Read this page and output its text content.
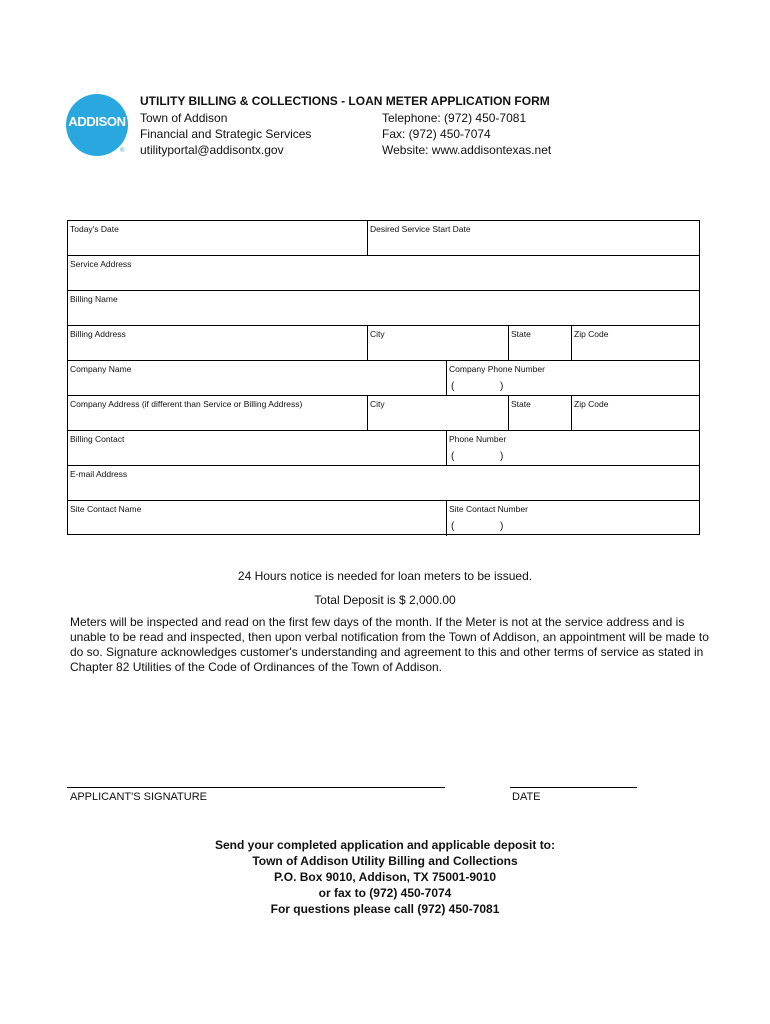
ADDISON
®
UTILITY BILLING & COLLECTIONS - LOAN METER APPLICATION FORM
Town of Addison
Financial and Strategic Services
utilityportal@addisontx.gov
Telephone: (972) 450-7081
Fax: (972) 450-7074
Website: www.addisontexas.net
Today's Date	Desired Service Start Date
Service Address
Billing Name
Billing Address	City	State	Zip Code
Company Name	Company Phone Number
(	)
Company Address (if different than Service or Billing Address)	City	State	Zip Code
Billing Contact	Phone Number
(	)
E-mail Address
Site Contact Name	Site Contact Number
(	)
24 Hours notice is needed for loan meters to be issued.
Total Deposit is $ 2,000.00
Meters will be inspected and read on the first few days of the month. If the Meter is not at the service address and is unable to be read and inspected, then upon verbal notification from the Town of Addison, an appointment will be made to do so. Signature acknowledges customer's understanding and agreement to this and other terms of service as stated in Chapter 82 Utilities of the Code of Ordinances of the Town of Addison.
APPLICANT'S SIGNATURE	DATE
Send your completed application and applicable deposit to:
Town of Addison Utility Billing and Collections
P.O. Box 9010, Addison, TX 75001-9010
or fax to (972) 450-7074
For questions please call (972) 450-7081
